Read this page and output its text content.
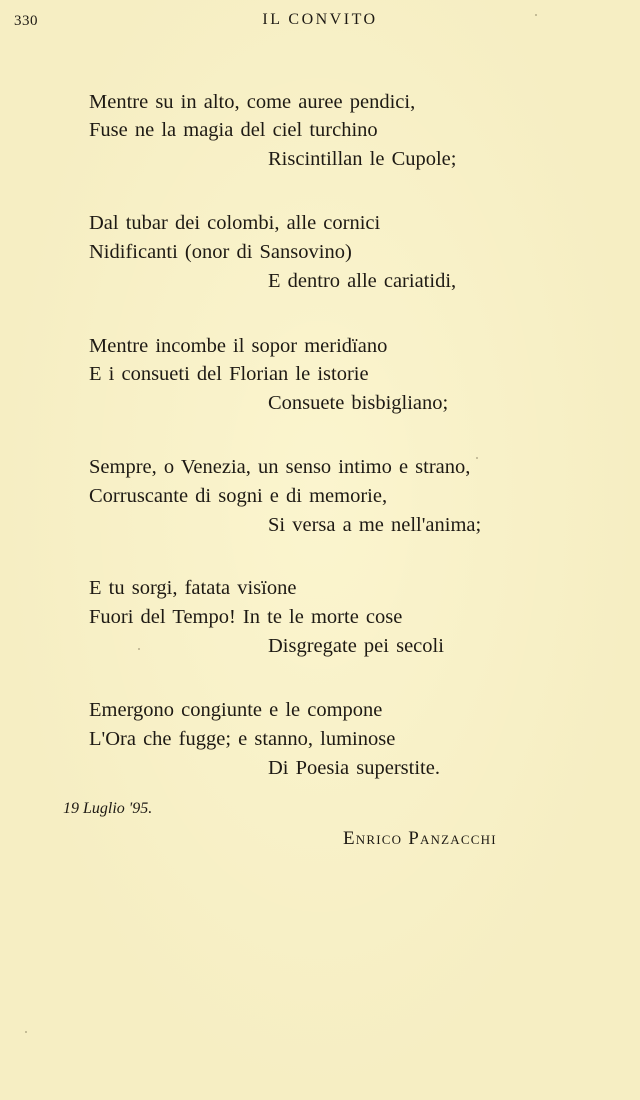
330	IL CONVITO
Mentre su in alto, come auree pendici,
Fuse ne la magia del ciel turchino
Riscintillan le Cupole;
Dal tubar dei colombi, alle cornici
Nidificanti (onor di Sansovino)
E dentro alle cariatidi,
Mentre incombe il sopor meridïano
E i consueti del Florian le istorie
Consuete bisbigliano;
Sempre, o Venezia, un senso intimo e strano,
Corruscante di sogni e di memorie,
Si versa a me nell'anima;
E tu sorgi, fatata visïone
Fuori del Tempo! In te le morte cose
Disgregate pei secoli
Emergono congiunte e le compone
L'Ora che fugge; e stanno, luminose
Di Poesia superstite.
19 Luglio '95.
Enrico Panzacchi
